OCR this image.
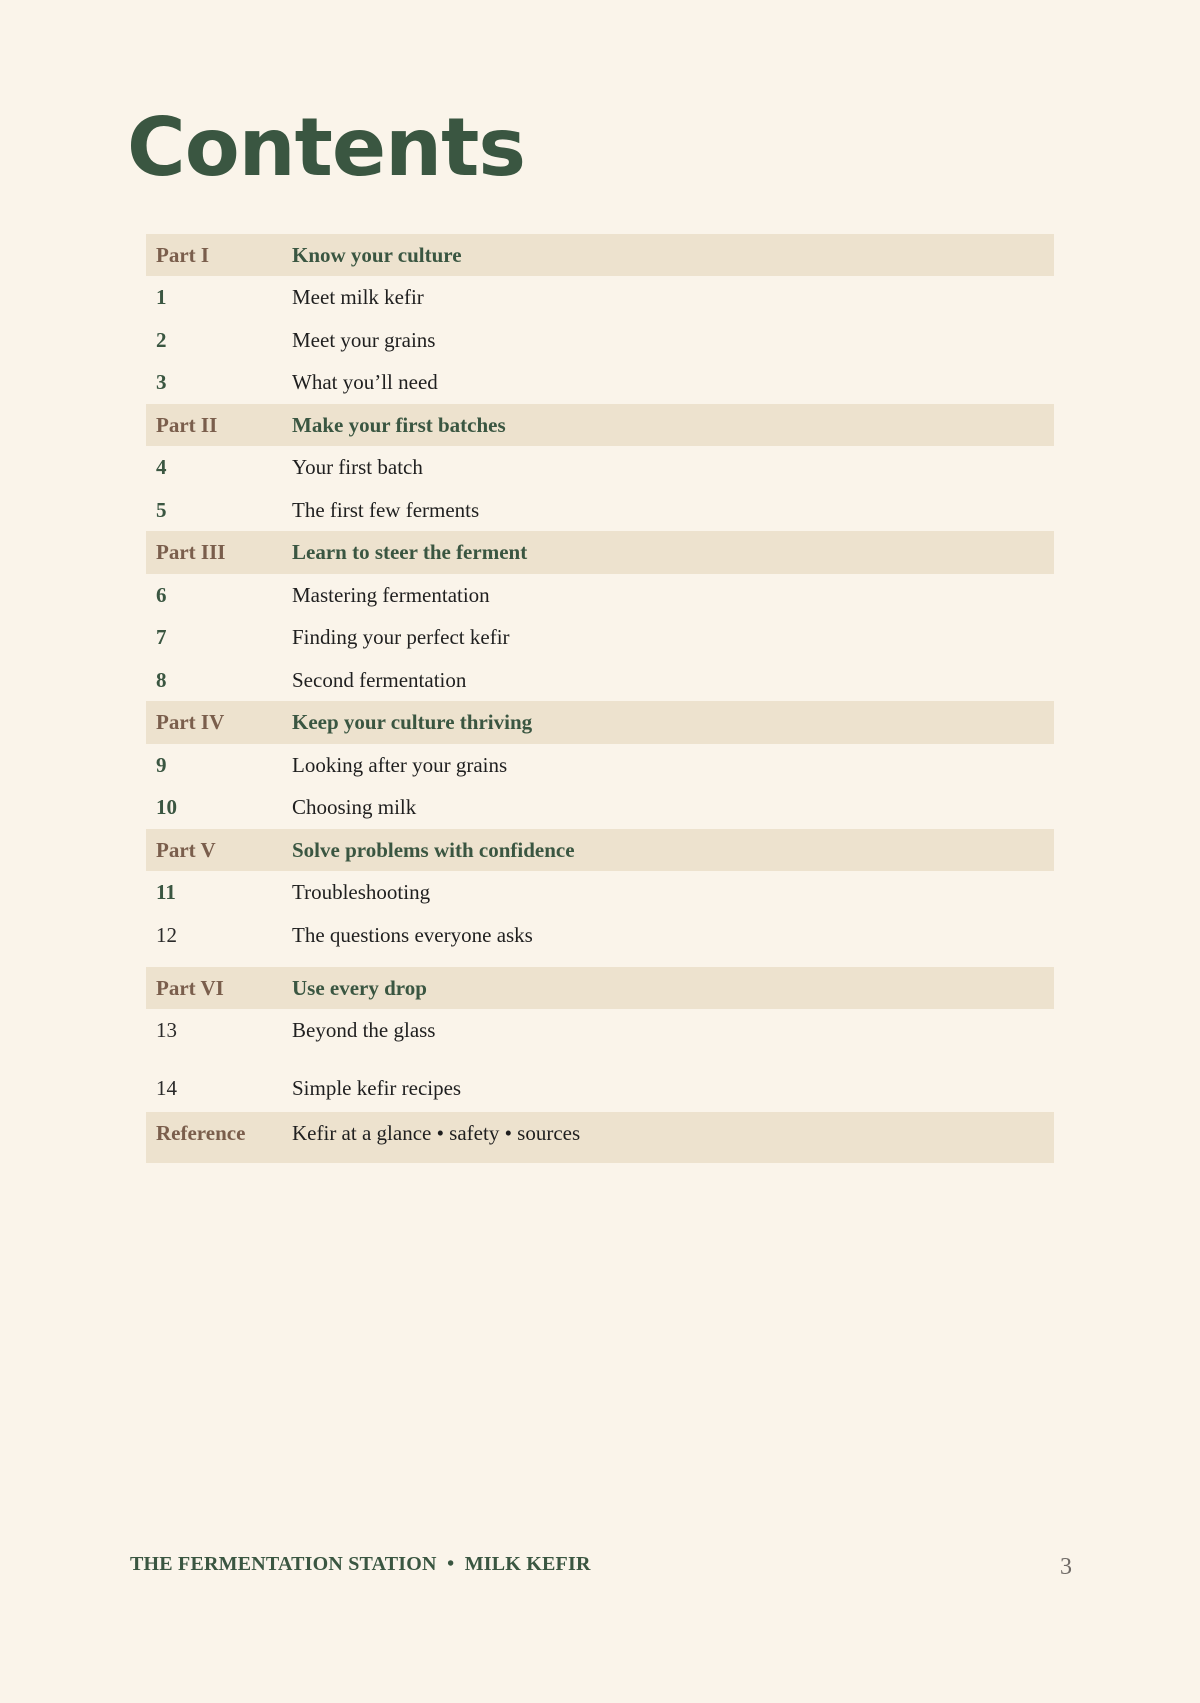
Contents
Part I	Know your culture
1	Meet milk kefir
2	Meet your grains
3	What you’ll need
Part II	Make your first batches
4	Your first batch
5	The first few ferments
Part III	Learn to steer the ferment
6	Mastering fermentation
7	Finding your perfect kefir
8	Second fermentation
Part IV	Keep your culture thriving
9	Looking after your grains
10	Choosing milk
Part V	Solve problems with confidence
11	Troubleshooting
12	The questions everyone asks
Part VI	Use every drop
13	Beyond the glass
14	Simple kefir recipes
Reference	Kefir at a glance • safety • sources
THE FERMENTATION STATION  •  MILK KEFIR	3
